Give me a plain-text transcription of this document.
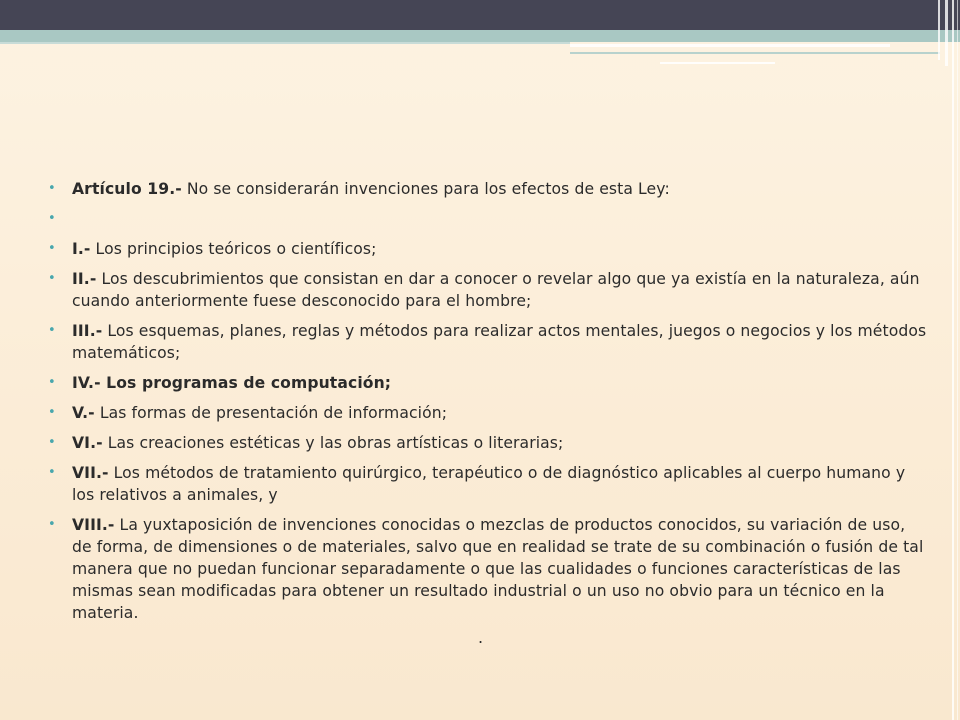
• Artículo 19.- No se considerarán invenciones para los efectos de esta Ley:
•
• I.- Los principios teóricos o científicos;
• II.- Los descubrimientos que consistan en dar a conocer o revelar algo que ya existía en la naturaleza, aún cuando anteriormente fuese desconocido para el hombre;
• III.- Los esquemas, planes, reglas y métodos para realizar actos mentales, juegos o negocios y los métodos matemáticos;
• IV.- Los programas de computación;
• V.- Las formas de presentación de información;
• VI.- Las creaciones estéticas y las obras artísticas o literarias;
• VII.- Los métodos de tratamiento quirúrgico, terapéutico o de diagnóstico aplicables al cuerpo humano y los relativos a animales, y
• VIII.- La yuxtaposición de invenciones conocidas o mezclas de productos conocidos, su variación de uso, de forma, de dimensiones o de materiales, salvo que en realidad se trate de su combinación o fusión de tal manera que no puedan funcionar separadamente o que las cualidades o funciones características de las mismas sean modificadas para obtener un resultado industrial o un uso no obvio para un técnico en la materia.
.
